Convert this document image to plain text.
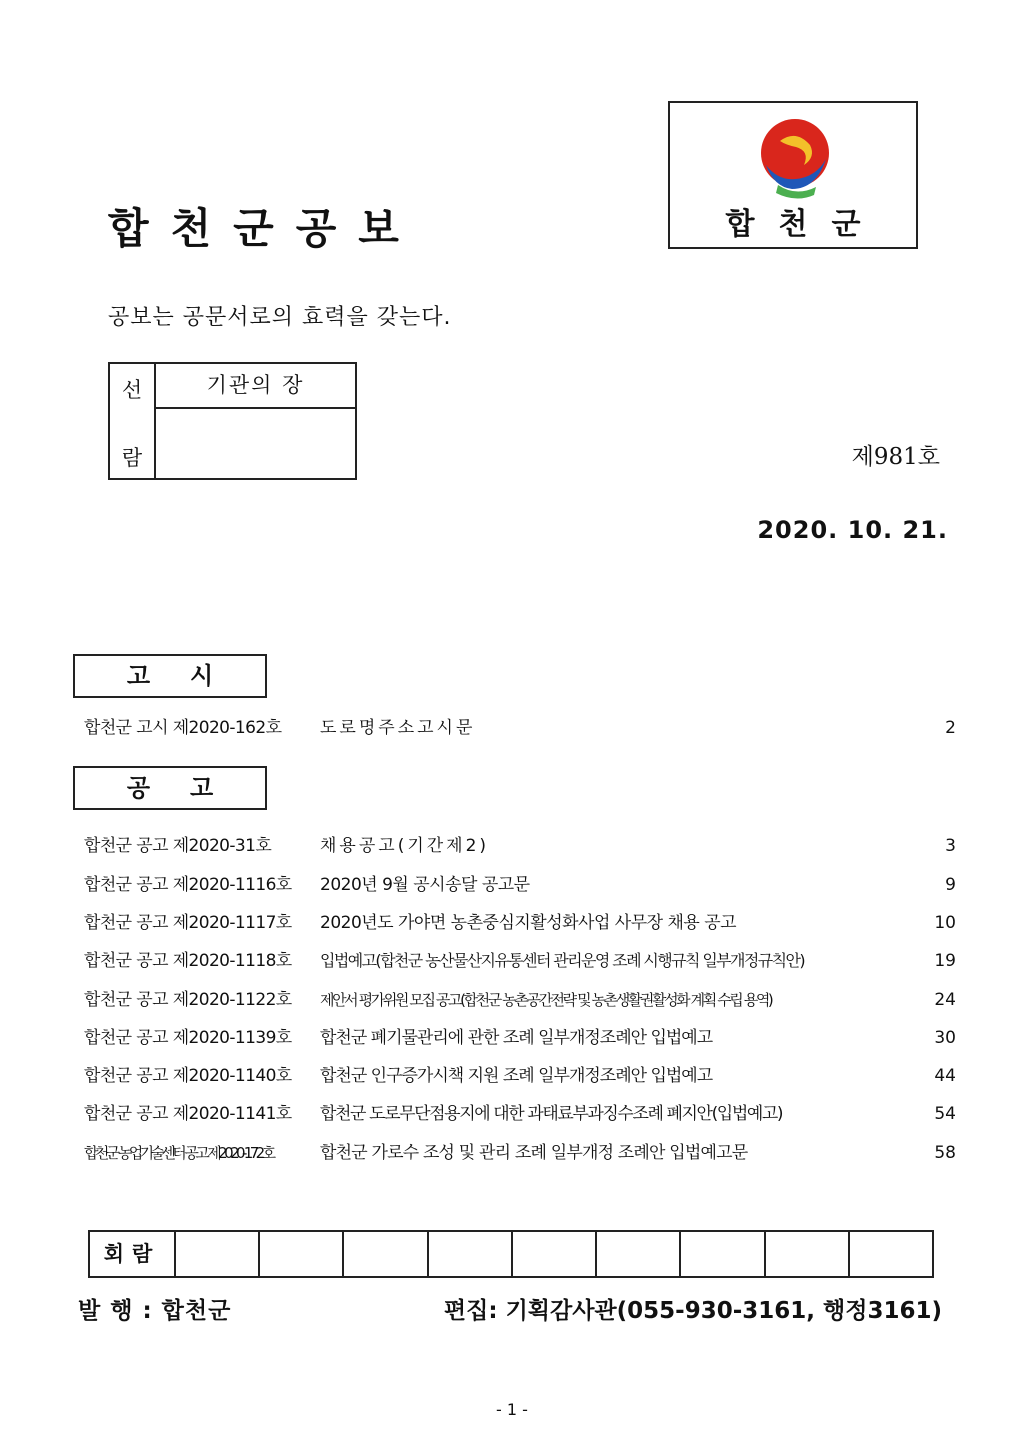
합천군공보	합천군
공보는 공문서로의 효력을 갖는다.
선
람
기관의 장
제981호
2020. 10. 21.
고시
합천군 고시 제2020-162호 도로명주소고시문	2
공고
합천군 공고 제2020-31호	채용공고(기간제2)	3
합천군 공고 제2020-1116호 2020년 9월 공시송달 공고문	9
합천군 공고 제2020-1117호 2020년도 가야면 농촌중심지활성화사업 사무장 채용 공고	10
합천군 공고 제2020-1118호 입법예고(합천군 농산물산지유통센터 관리운영 조례 시행규칙 일부개정규칙안)	19
합천군 공고 제2020-1122호 제안서 평가위원 모집 공고(합천군 농촌공간전략 및 농촌생활권활성화 계획 수립 용역)	24
합천군 공고 제2020-1139호 합천군 폐기물관리에 관한 조례 일부개정조례안 입법예고	30
합천군 공고 제2020-1140호 합천군 인구증가시책 지원 조례 일부개정조례안 입법예고	44
합천군 공고 제2020-1141호 합천군 도로무단점용지에 대한 과태료부과징수조례 폐지안(입법예고)	54
합천군 농업기술센터 공고 제2020-172호	합천군 가로수 조성 및 관리 조례 일부개정 조례안 입법예고문	58
회람
발 행 : 합천군	편집: 기획감사관(055-930-3161, 행정3161)
- 1 -
